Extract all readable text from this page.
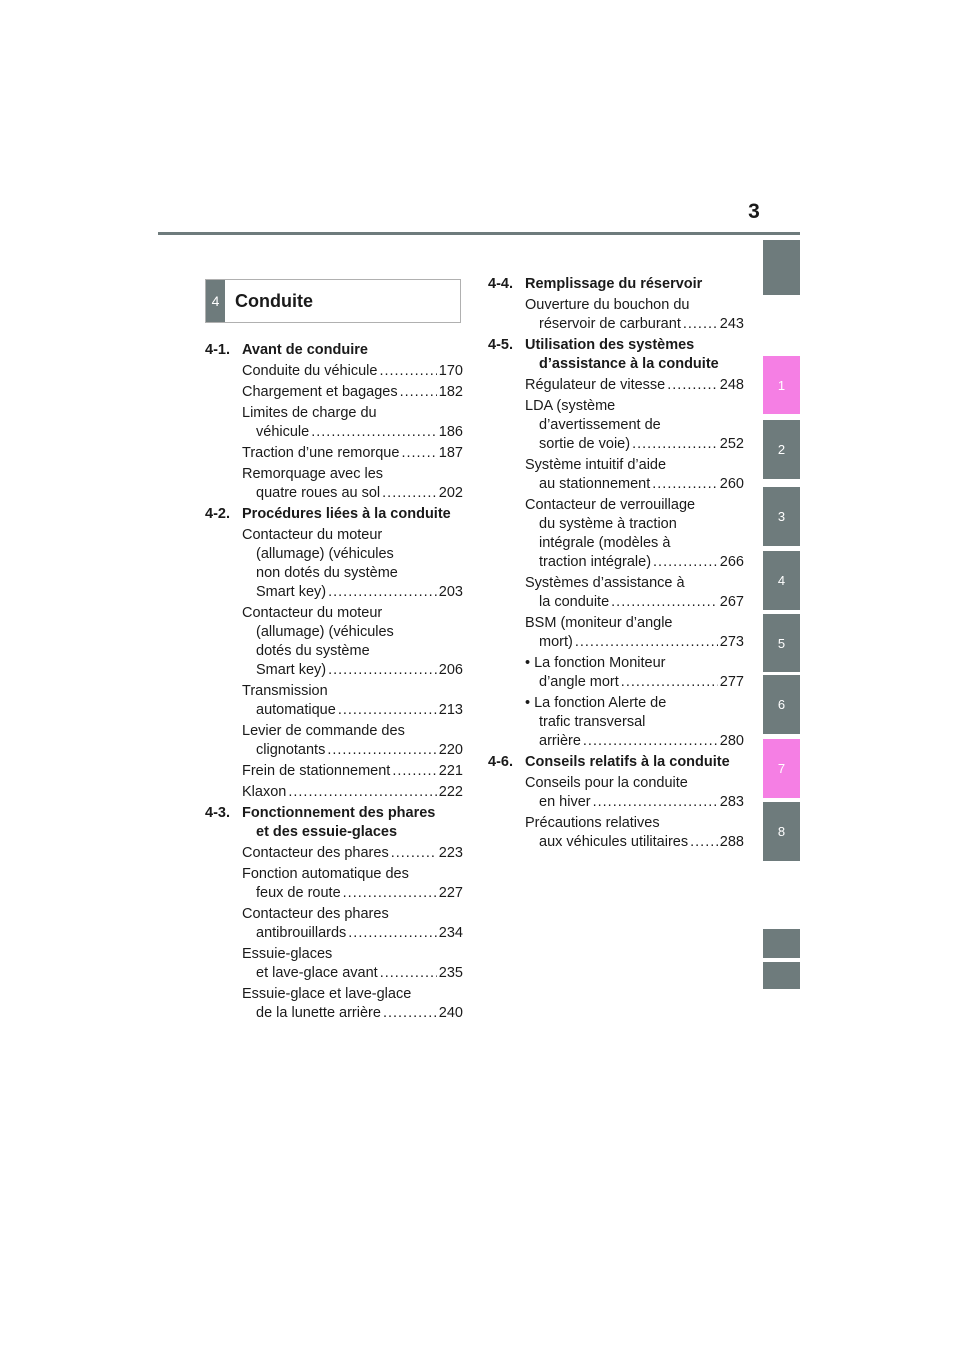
3
1
2
3
4
5
6
7
8
4 Conduite
4-1. Avant de conduire
Conduite du véhicule .....	170
Chargement et bagages .....	182
Limites de charge du
véhicule .....	186
Traction d’une remorque .....	187
Remorquage avec les
quatre roues au sol .....	202
4-2. Procédures liées à la conduite
Contacteur du moteur
(allumage) (véhicules
non dotés du système
Smart key) .....	203
Contacteur du moteur
(allumage) (véhicules
dotés du système
Smart key) .....	206
Transmission
automatique .....	213
Levier de commande des
clignotants .....	220
Frein de stationnement .....	221
Klaxon .....	222
4-3. Fonctionnement des phares
et des essuie-glaces
Contacteur des phares .....	223
Fonction automatique des
feux de route .....	227
Contacteur des phares
antibrouillards .....	234
Essuie-glaces
et lave-glace avant .....	235
Essuie-glace et lave-glace
de la lunette arrière .....	240
4-4. Remplissage du réservoir
Ouverture du bouchon du
réservoir de carburant .....	243
4-5. Utilisation des systèmes
d’assistance à la conduite
Régulateur de vitesse .....	248
LDA (système
d’avertissement de
sortie de voie) .....	252
Système intuitif d’aide
au stationnement .....	260
Contacteur de verrouillage
du système à traction
intégrale (modèles à
traction intégrale) .....	266
Systèmes d’assistance à
la conduite .....	267
BSM (moniteur d’angle
mort) .....	273
• La fonction Moniteur
d’angle mort .....	277
• La fonction Alerte de
trafic transversal
arrière .....	280
4-6. Conseils relatifs à la conduite
Conseils pour la conduite
en hiver .....	283
Précautions relatives
aux véhicules utilitaires ..... 288
